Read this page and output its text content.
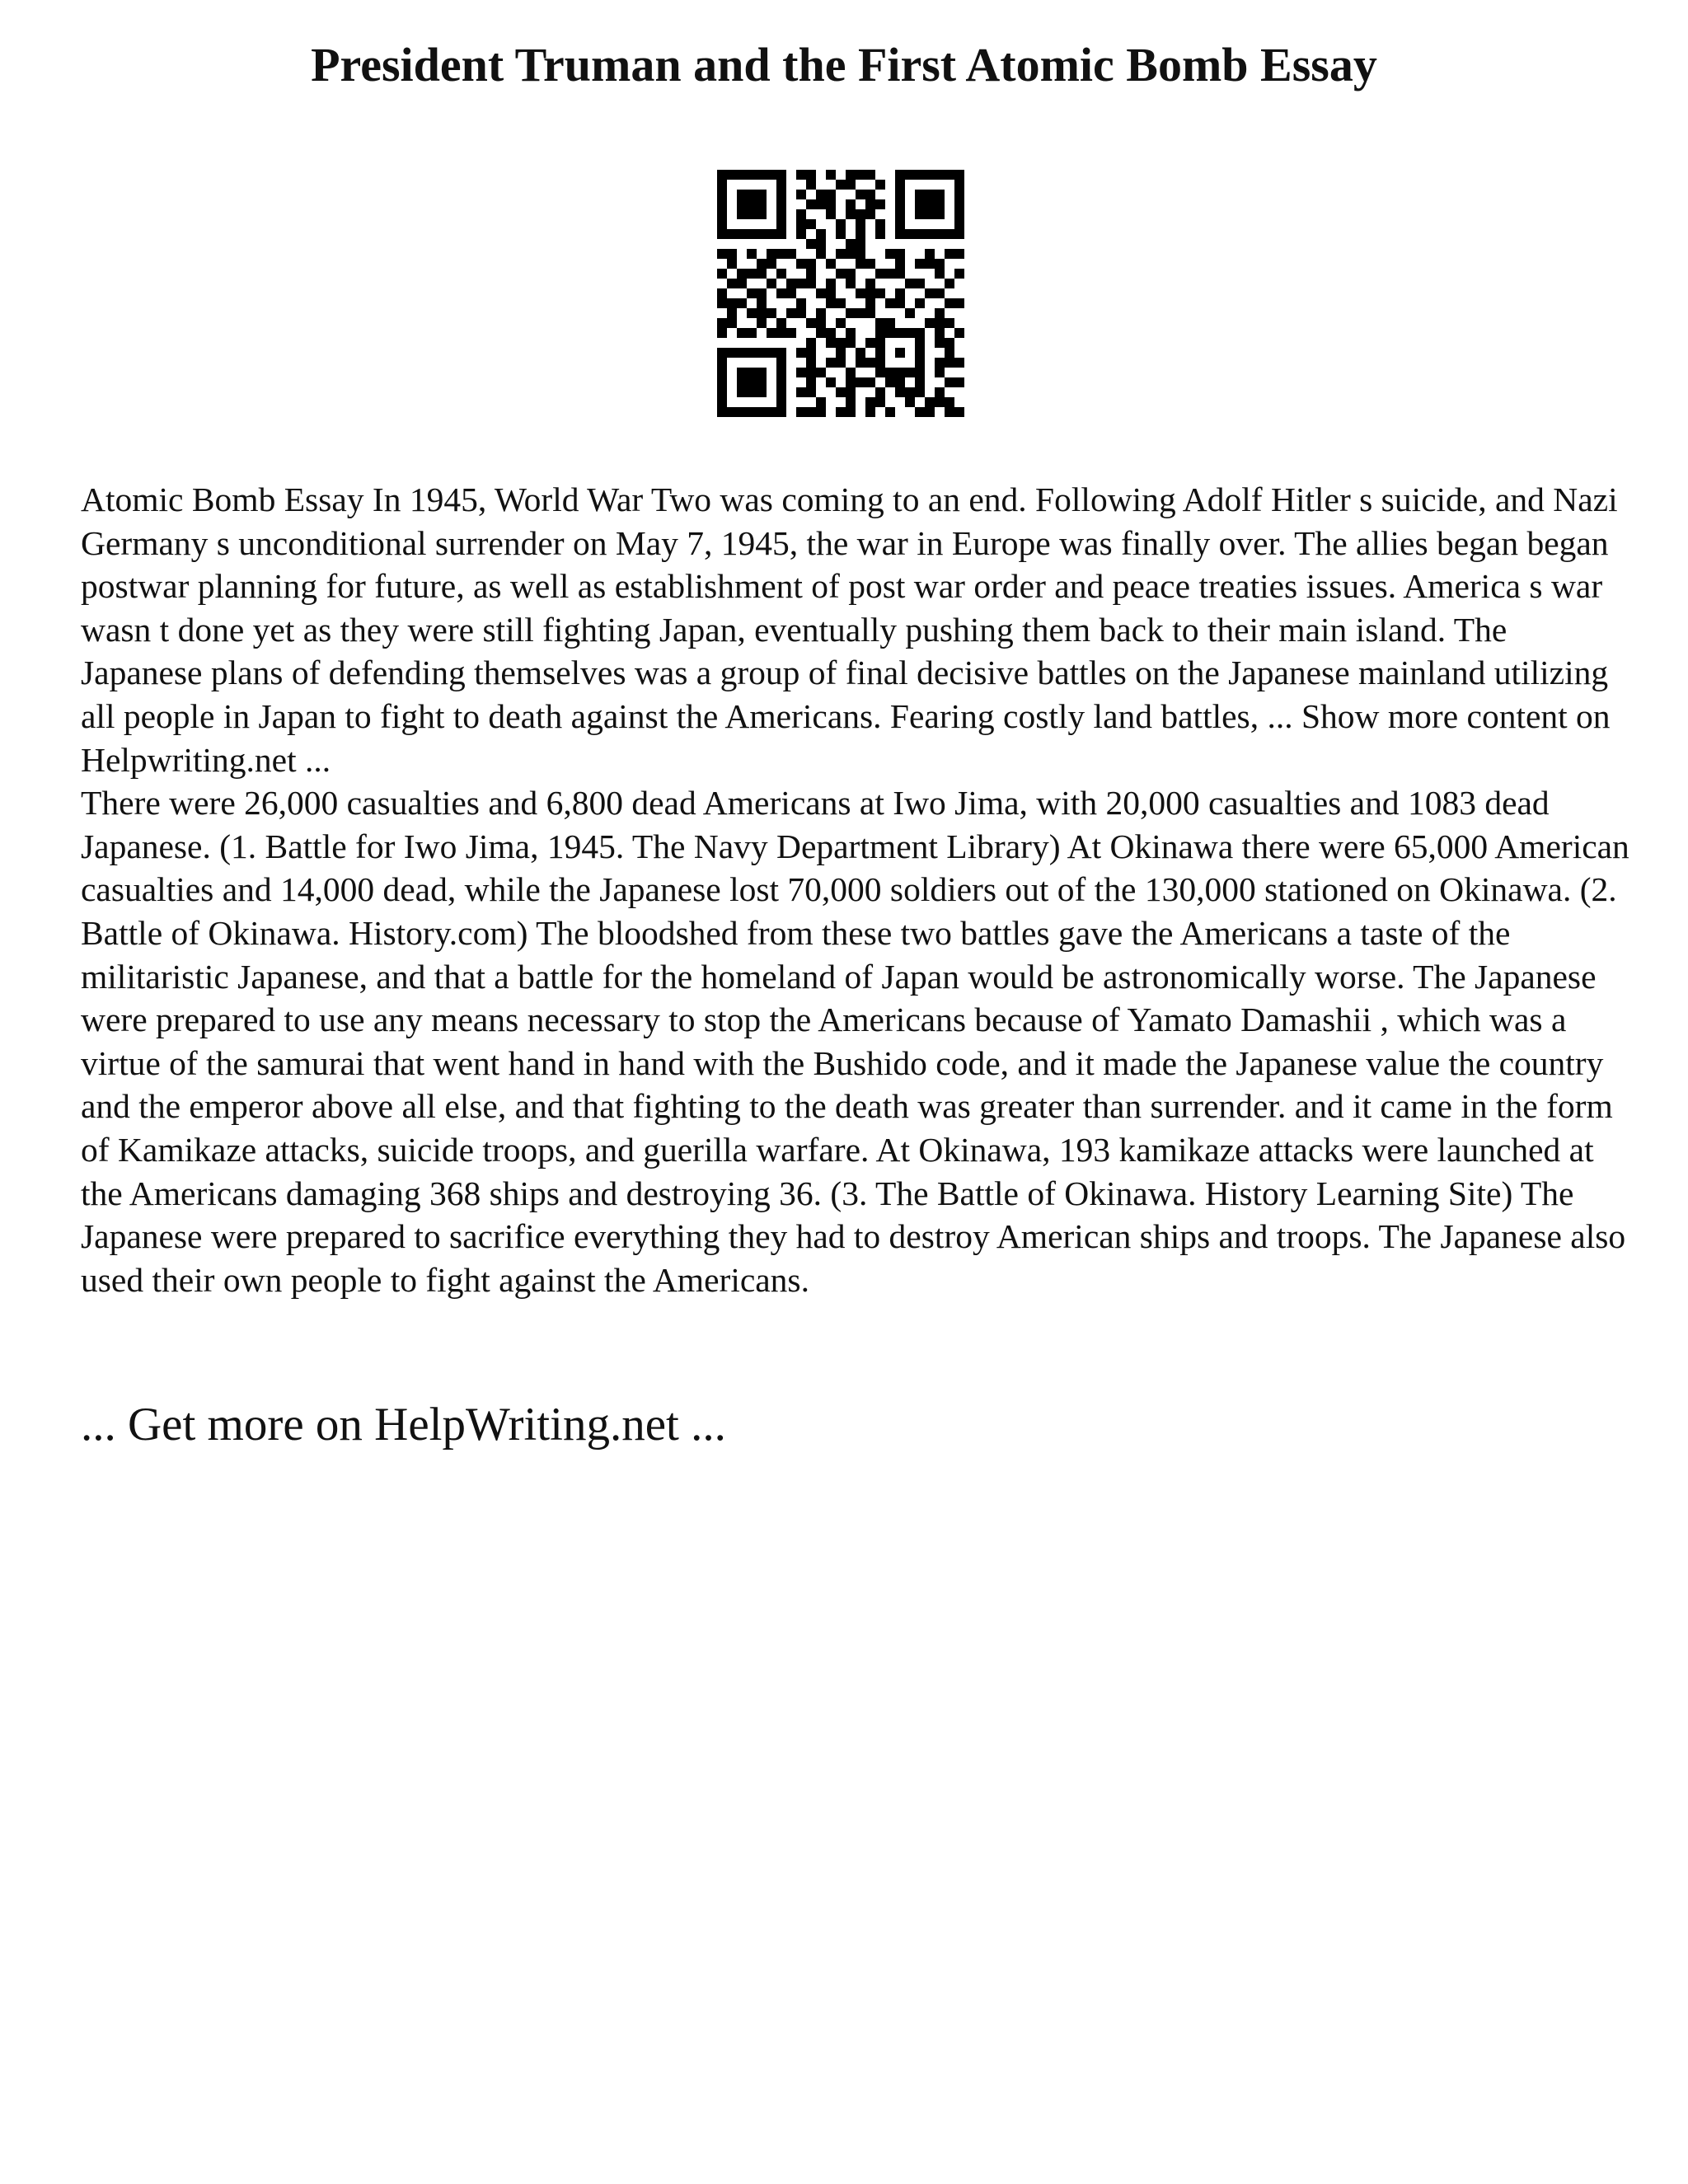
President Truman and the First Atomic Bomb Essay

Atomic Bomb Essay In 1945, World War Two was coming to an end. Following Adolf Hitler s suicide, and Nazi Germany s unconditional surrender on May 7, 1945, the war in Europe was finally over. The allies began began postwar planning for future, as well as establishment of post war order and peace treaties issues. America s war wasn t done yet as they were still fighting Japan, eventually pushing them back to their main island. The Japanese plans of defending themselves was a group of final decisive battles on the Japanese mainland utilizing all people in Japan to fight to death against the Americans. Fearing costly land battles, ... Show more content on Helpwriting.net ...

There were 26,000 casualties and 6,800 dead Americans at Iwo Jima, with 20,000 casualties and 1083 dead Japanese. (1. Battle for Iwo Jima, 1945. The Navy Department Library) At Okinawa there were 65,000 American casualties and 14,000 dead, while the Japanese lost 70,000 soldiers out of the 130,000 stationed on Okinawa. (2. Battle of Okinawa. History.com) The bloodshed from these two battles gave the Americans a taste of the militaristic Japanese, and that a battle for the homeland of Japan would be astronomically worse. The Japanese were prepared to use any means necessary to stop the Americans because of Yamato Damashii , which was a virtue of the samurai that went hand in hand with the Bushido code, and it made the Japanese value the country and the emperor above all else, and that fighting to the death was greater than surrender. and it came in the form of Kamikaze attacks, suicide troops, and guerilla warfare. At Okinawa, 193 kamikaze attacks were launched at the Americans damaging 368 ships and destroying 36. (3. The Battle of Okinawa. History Learning Site) The Japanese were prepared to sacrifice everything they had to destroy American ships and troops. The Japanese also used their own people to fight against the Americans.

... Get more on HelpWriting.net ...
